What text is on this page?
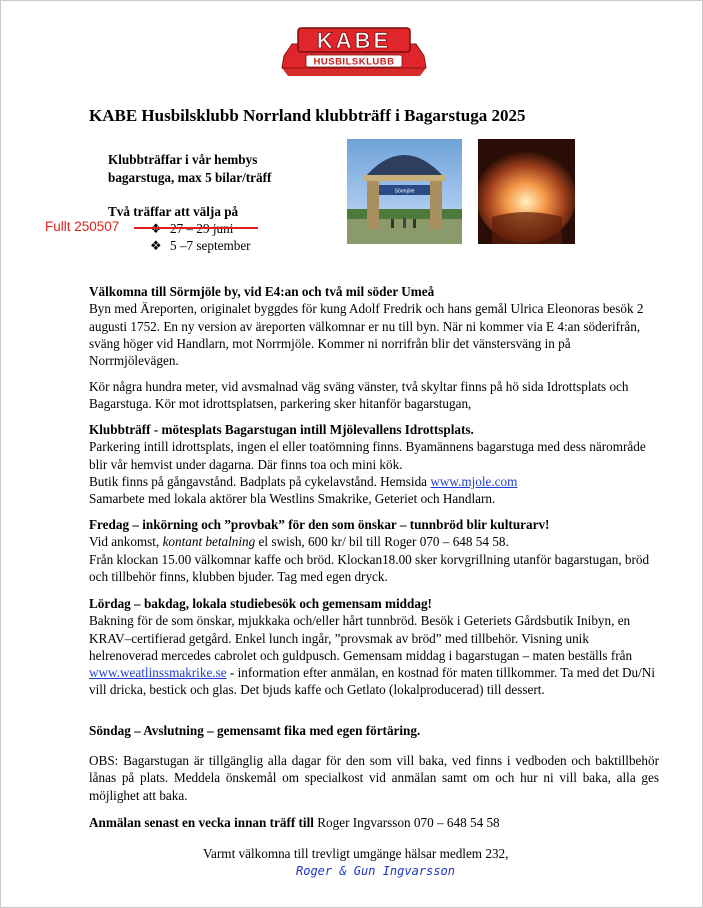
KABE
HUSBILSKLUBB
KABE Husbilsklubb Norrland klubbträff i Bagarstuga 2025
Klubbträffar i vår hembys
bagarstuga, max 5 bilar/träff
Två träffar att välja på
Fullt 250507
❖ 5 –7 september
Sörmjöle

Välkomna till Sörmjöle by, vid E4:an och två mil söder Umeå

Byn med Äreporten, originalet byggdes för kung Adolf Fredrik och hans gemål Ulrica Eleonoras besök 2 augusti 1752. En ny version av äreporten välkomnar er nu till byn. När ni kommer via E 4:an söderifrån, sväng höger vid Handlarn, mot Norrmjöle. Kommer ni norrifrån blir det vänstersväng in på Norrmjölevägen.

Kör några hundra meter, vid avsmalnad väg sväng vänster, två skyltar finns på hö sida Idrottsplats och Bagarstuga. Kör mot idrottsplatsen, parkering sker hitanför bagarstugan,

Klubbträff - mötesplats Bagarstugan intill Mjölevallens Idrottsplats.

Parkering intill idrottsplats, ingen el eller toatömning finns. Byamännens bagarstuga med dess närområde blir vår hemvist under dagarna. Där finns toa och mini kök.

Butik finns på gångavstånd. Badplats på cykelavstånd. Hemsida www.mjole.com

Samarbete med lokala aktörer bla Westlins Smakrike, Geteriet och Handlarn.

Fredag – inkörning och ”provbak” för den som önskar – tunnbröd blir kulturarv!

Vid ankomst, kontant betalning el swish, 600 kr/ bil till Roger 070 – 648 54 58.

Från klockan 15.00 välkomnar kaffe och bröd. Klockan18.00 sker korvgrillning utanför bagarstugan, bröd och tillbehör finns, klubben bjuder. Tag med egen dryck.

Lördag – bakdag, lokala studiebesök och gemensam middag!

Bakning för de som önskar, mjukkaka och/eller hårt tunnbröd. Besök i Geteriets Gårdsbutik Inibyn, en KRAV–certifierad getgård. Enkel lunch ingår, ”provsmak av bröd” med tillbehör. Visning unik helrenoverad mercedes cabrolet och guldpusch. Gemensam middag i bagarstugan – maten beställs från www.weatlinssmakrike.se - information efter anmälan, en kostnad för maten tillkommer. Ta med det Du/Ni vill dricka, bestick och glas. Det bjuds kaffe och Getlato (lokalproducerad) till dessert.

Söndag – Avslutning – gemensamt fika med egen förtäring.

OBS: Bagarstugan är tillgänglig alla dagar för den som vill baka, ved finns i vedboden och baktillbehör lånas på plats. Meddela önskemål om specialkost vid anmälan samt om och hur ni vill baka, alla ges möjlighet att baka.

Anmälan senast en vecka innan träff till Roger Ingvarsson 070 – 648 54 58

Varmt välkomna till trevligt umgänge hälsar medlem 232,
Roger & Gun Ingvarsson
